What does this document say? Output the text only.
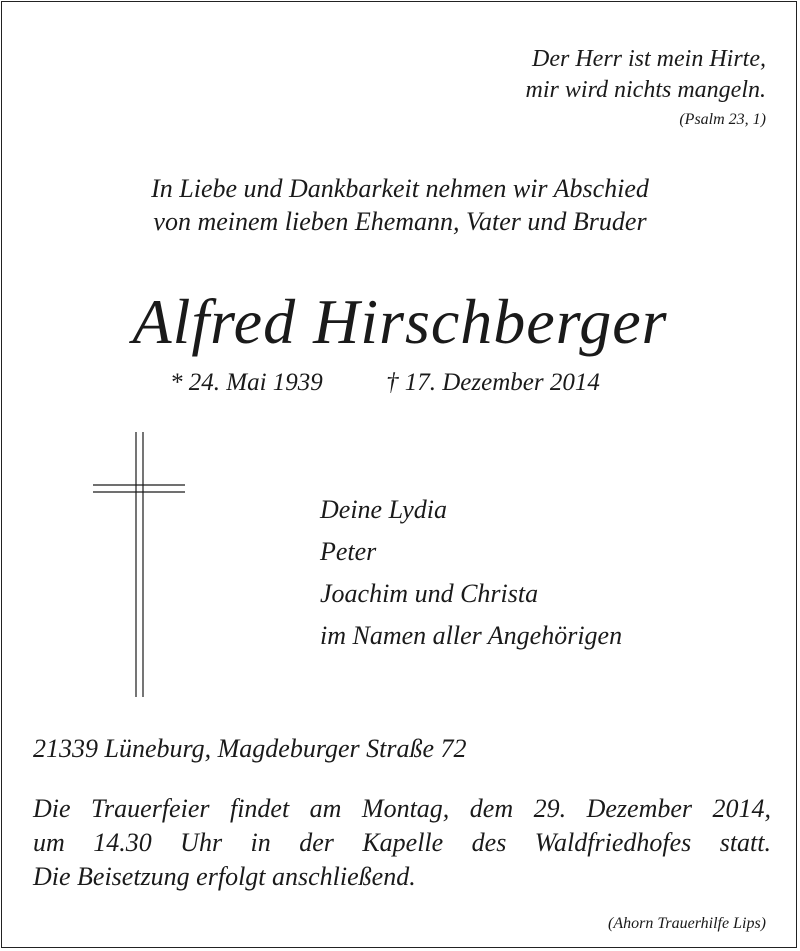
Der Herr ist mein Hirte,
mir wird nichts mangeln.
(Psalm 23, 1)
In Liebe und Dankbarkeit nehmen wir Abschied
von meinem lieben Ehemann, Vater und Bruder
Alfred Hirschberger
* 24. Mai 1939	† 17. Dezember 2014
Deine Lydia
Peter
Joachim und Christa
im Namen aller Angehörigen
21339 Lüneburg, Magdeburger Straße 72
Die Trauerfeier findet am Montag, dem 29. Dezember 2014,
um 14.30 Uhr in der Kapelle des Waldfriedhofes statt.
Die Beisetzung erfolgt anschließend.
(Ahorn Trauerhilfe Lips)
